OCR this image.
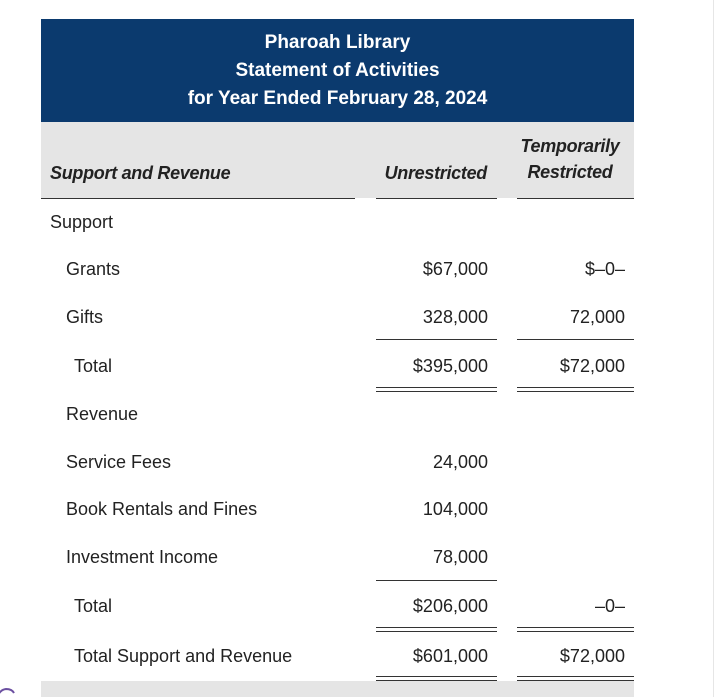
Pharoah Library
Statement of Activities
for Year Ended February 28, 2024
Support and Revenue	Unrestricted
Temporarily
Restricted
Support
Grants	$67,000	$–0–
Gifts	328,000	72,000
Total	$395,000	$72,000
Revenue
Service Fees	24,000
Book Rentals and Fines	104,000
Investment Income	78,000
Total	$206,000	–0–
Total Support and Revenue	$601,000	$72,000
